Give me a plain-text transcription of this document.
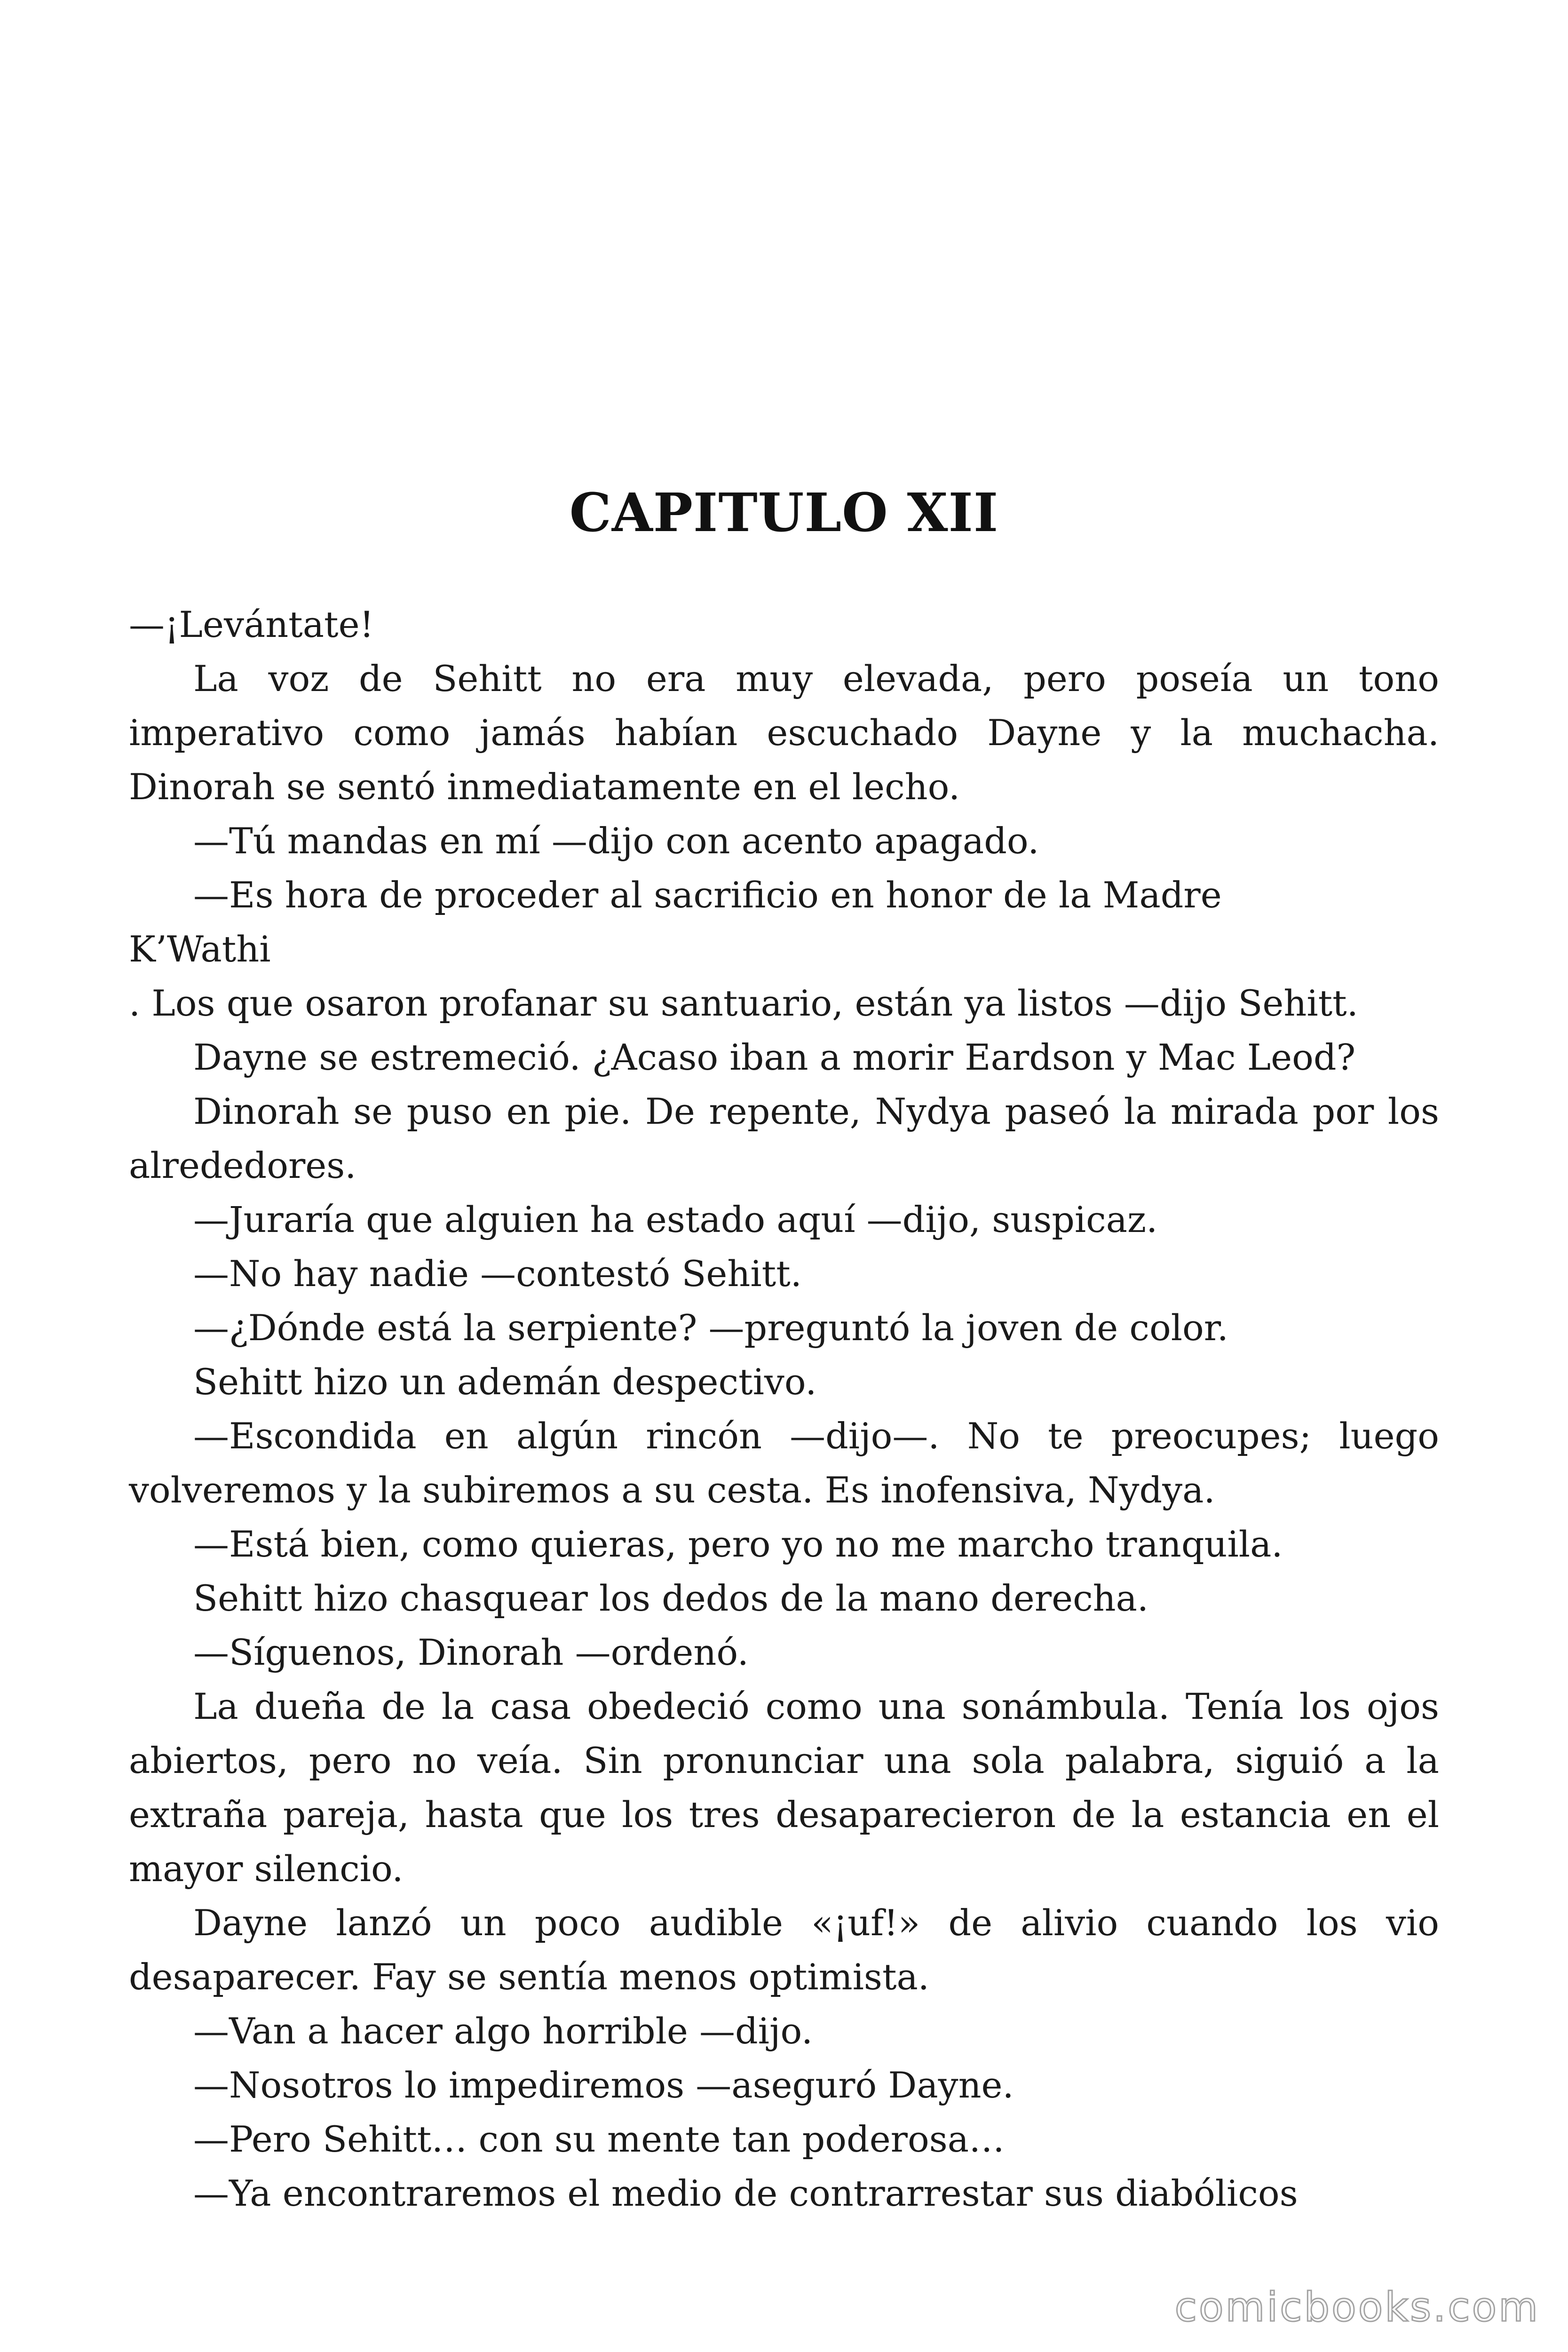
CAPITULO XII

—¡Levántate!

La voz de Sehitt no era muy elevada, pero poseía un tono imperativo como jamás habían escuchado Dayne y la muchacha. Dinorah se sentó inmediatamente en el lecho.

—Tú mandas en mí —dijo con acento apagado.

—Es hora de proceder al sacrificio en honor de la Madre

K’Wathi

. Los que osaron profanar su santuario, están ya listos —dijo Sehitt.

Dayne se estremeció. ¿Acaso iban a morir Eardson y Mac Leod?

Dinorah se puso en pie. De repente, Nydya paseó la mirada por los alrededores.

—Juraría que alguien ha estado aquí —dijo, suspicaz.

—No hay nadie —contestó Sehitt.

—¿Dónde está la serpiente? —preguntó la joven de color.

Sehitt hizo un ademán despectivo.

—Escondida en algún rincón —dijo—. No te preocupes; luego volveremos y la subiremos a su cesta. Es inofensiva, Nydya.

—Está bien, como quieras, pero yo no me marcho tranquila.

Sehitt hizo chasquear los dedos de la mano derecha.

—Síguenos, Dinorah —ordenó.

La dueña de la casa obedeció como una sonámbula. Tenía los ojos abiertos, pero no veía. Sin pronunciar una sola palabra, siguió a la extraña pareja, hasta que los tres desaparecieron de la estancia en el mayor silencio.

Dayne lanzó un poco audible «¡uf!» de alivio cuando los vio desaparecer. Fay se sentía menos optimista.

—Van a hacer algo horrible —dijo.

—Nosotros lo impediremos —aseguró Dayne.

—Pero Sehitt… con su mente tan poderosa…

—Ya encontraremos el medio de contrarrestar sus diabólicos

comicbooks.com
